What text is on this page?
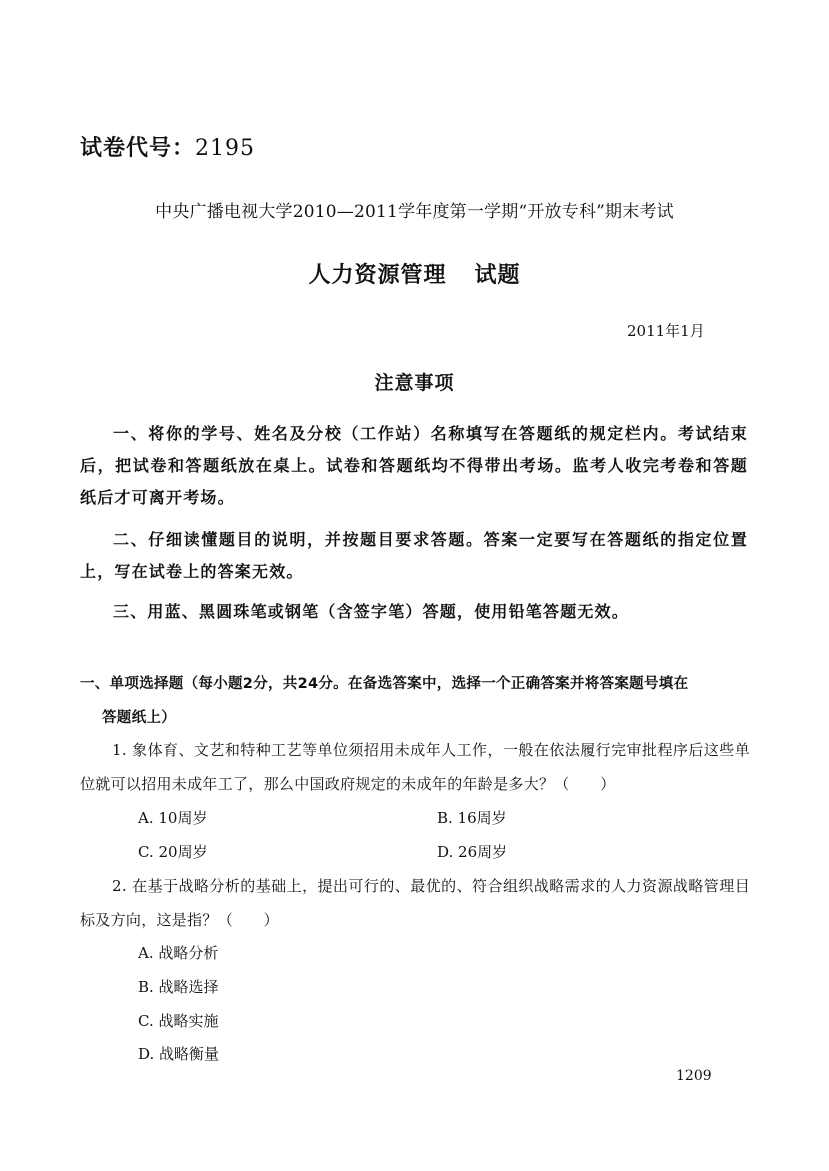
试卷代号：2195
中央广播电视大学2010—2011学年度第一学期“开放专科”期末考试
人力资源管理 试题
2011年1月
注意事项
一、将你的学号、姓名及分校（工作站）名称填写在答题纸的规定栏内。考试结束后，把试卷和答题纸放在桌上。试卷和答题纸均不得带出考场。监考人收完考卷和答题纸后才可离开考场。
二、仔细读懂题目的说明，并按题目要求答题。答案一定要写在答题纸的指定位置上，写在试卷上的答案无效。
三、用蓝、黑圆珠笔或钢笔（含签字笔）答题，使用铅笔答题无效。
一、单项选择题（每小题2分，共24分。在备选答案中，选择一个正确答案并将答案题号填在
答题纸上）
1. 象体育、文艺和特种工艺等单位须招用未成年人工作，一般在依法履行完审批程序后这些单位就可以招用未成年工了，那么中国政府规定的未成年的年龄是多大？（　　）
A. 10周岁	B. 16周岁
C. 20周岁	D. 26周岁
2. 在基于战略分析的基础上，提出可行的、最优的、符合组织战略需求的人力资源战略管理目标及方向，这是指？（　　）
A. 战略分析
B. 战略选择
C. 战略实施
D. 战略衡量
1209
